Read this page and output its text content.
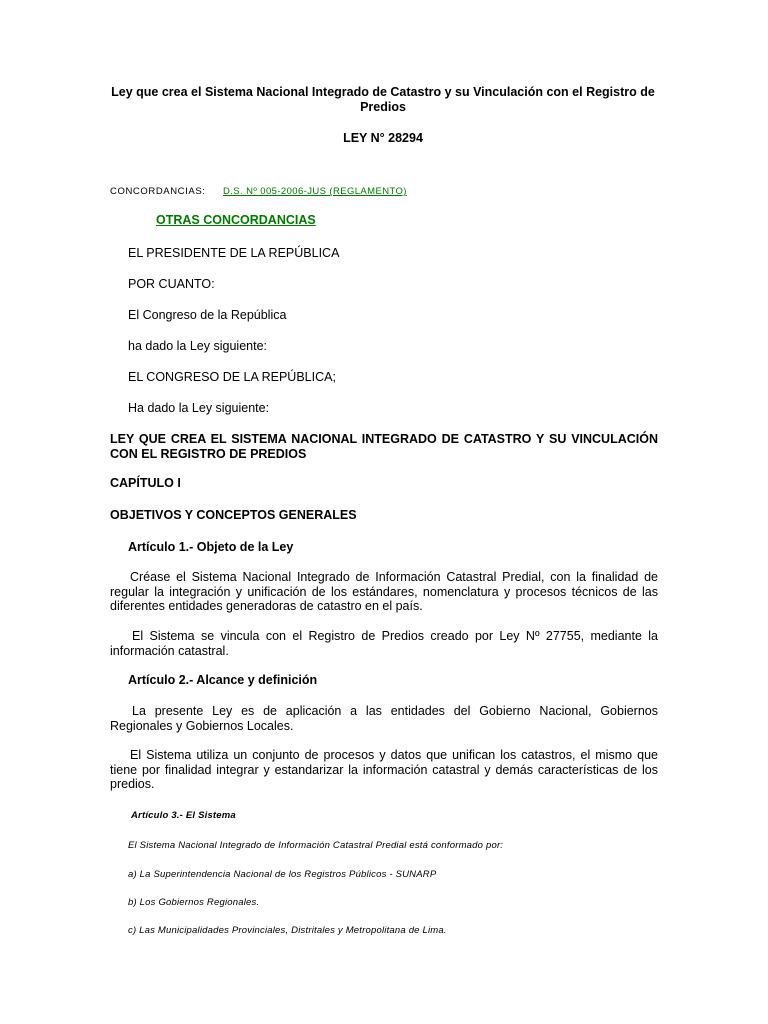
Ley que crea el Sistema Nacional Integrado de Catastro y su Vinculación con el Registro de Predios
LEY N° 28294
CONCORDANCIAS: D.S. Nº 005-2006-JUS (REGLAMENTO)
OTRAS CONCORDANCIAS
EL PRESIDENTE DE LA REPÚBLICA
POR CUANTO:
El Congreso de la República
ha dado la Ley siguiente:
EL CONGRESO DE LA REPÚBLICA;
Ha dado la Ley siguiente:
LEY QUE CREA EL SISTEMA NACIONAL INTEGRADO DE CATASTRO Y SU VINCULACIÓN CON EL REGISTRO DE PREDIOS
CAPÍTULO I
OBJETIVOS Y CONCEPTOS GENERALES
Artículo 1.- Objeto de la Ley
Créase el Sistema Nacional Integrado de Información Catastral Predial, con la finalidad de regular la integración y unificación de los estándares, nomenclatura y procesos técnicos de las diferentes entidades generadoras de catastro en el país.
El Sistema se vincula con el Registro de Predios creado por Ley Nº 27755, mediante la información catastral.
Artículo 2.- Alcance y definición
La presente Ley es de aplicación a las entidades del Gobierno Nacional, Gobiernos Regionales y Gobiernos Locales.
El Sistema utiliza un conjunto de procesos y datos que unifican los catastros, el mismo que tiene por finalidad integrar y estandarizar la información catastral y demás características de los predios.
Artículo 3.- El Sistema
El Sistema Nacional Integrado de Información Catastral Predial está conformado por:
a) La Superintendencia Nacional de los Registros Públicos - SUNARP
b) Los Gobiernos Regionales.
c) Las Municipalidades Provinciales, Distritales y Metropolitana de Lima.
